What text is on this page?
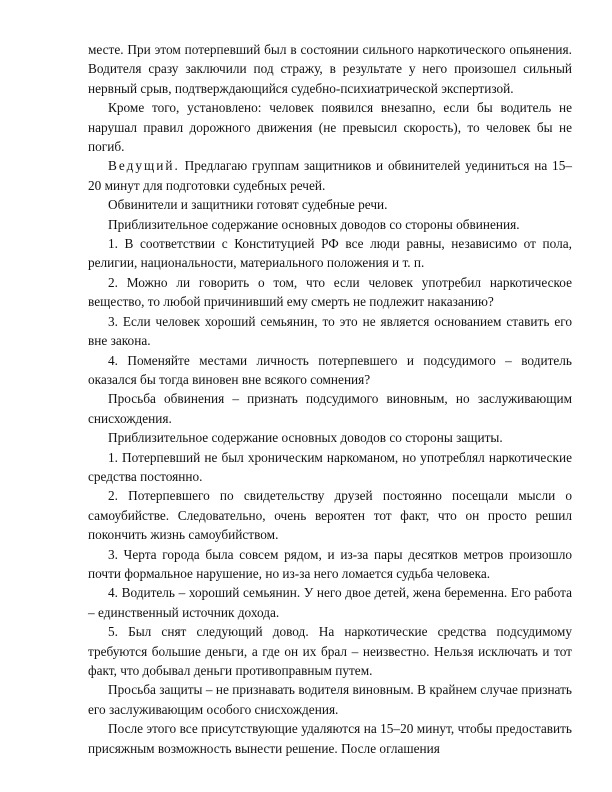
месте. При этом потерпевший был в состоянии сильного наркотического опьянения. Водителя сразу заключили под стражу, в результате у него произошел сильный нервный срыв, подтверждающийся судебно-психиатрической экспертизой.

Кроме того, установлено: человек появился внезапно, если бы водитель не нарушал правил дорожного движения (не превысил скорость), то человек бы не погиб.

Ведущий. Предлагаю группам защитников и обвинителей уединиться на 15–20 минут для подготовки судебных речей.

Обвинители и защитники готовят судебные речи.

Приблизительное содержание основных доводов со стороны обвинения.

1. В соответствии с Конституцией РФ все люди равны, независимо от пола, религии, национальности, материального положения и т. п.

2. Можно ли говорить о том, что если человек употребил наркотическое вещество, то любой причинивший ему смерть не подлежит наказанию?

3. Если человек хороший семьянин, то это не является основанием ставить его вне закона.

4. Поменяйте местами личность потерпевшего и подсудимого – водитель оказался бы тогда виновен вне всякого сомнения?

Просьба обвинения – признать подсудимого виновным, но заслуживающим снисхождения.

Приблизительное содержание основных доводов со стороны защиты.

1. Потерпевший не был хроническим наркоманом, но употреблял наркотические средства постоянно.

2. Потерпевшего по свидетельству друзей постоянно посещали мысли о самоубийстве. Следовательно, очень вероятен тот факт, что он просто решил покончить жизнь самоубийством.

3. Черта города была совсем рядом, и из-за пары десятков метров произошло почти формальное нарушение, но из-за него ломается судьба человека.

4. Водитель – хороший семьянин. У него двое детей, жена беременна. Его работа – единственный источник дохода.

5. Был снят следующий довод. На наркотические средства подсудимому требуются большие деньги, а где он их брал – неизвестно. Нельзя исключать и тот факт, что добывал деньги противоправным путем.

Просьба защиты – не признавать водителя виновным. В крайнем случае признать его заслуживающим особого снисхождения.

После этого все присутствующие удаляются на 15–20 минут, чтобы предоставить присяжным возможность вынести решение. После оглашения
